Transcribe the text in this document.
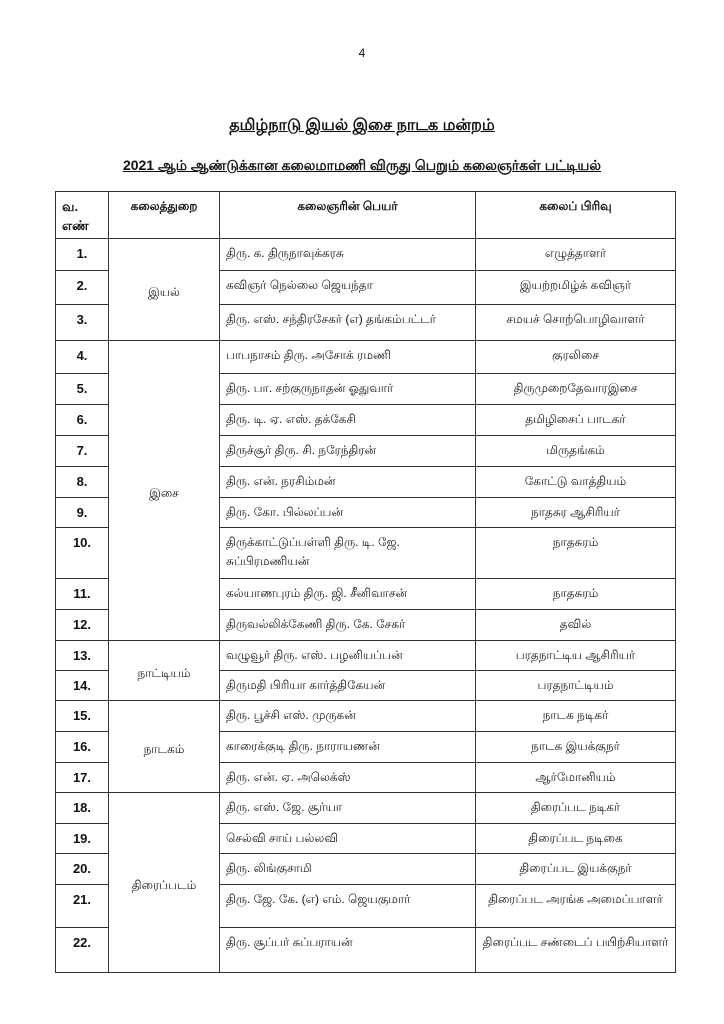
4
தமிழ்நாடு இயல் இசை நாடக மன்றம்
2021 ஆம் ஆண்டுக்கான கலைமாமணி விருது பெறும் கலைஞர்கள் பட்டியல்
வ. எண்	கலைத்துறை	கலைஞரின் பெயர்	கலைப் பிரிவு
1.	இயல்	திரு. க. திருநாவுக்கரசு	எழுத்தாளர்
2.		கவிஞர் நெல்லை ஜெயந்தா	இயற்றமிழ்க் கவிஞர்
3.		திரு. எஸ். சந்திரசேகர் (எ) தங்கம்பட்டர்	சமயச் சொற்பொழிவாளர்
4.	இசை	பாபநாசம் திரு. அசோக் ரமணி	குரலிசை
5.		திரு. பா. சற்குருநாதன் ஓதுவார்	திருமுறைதேவாரஇசை
6.		திரு. டி. ஏ. எஸ். தக்கேசி	தமிழிசைப் பாடகர்
7.		திருச்சூர் திரு. சி. நரேந்திரன்	மிருதங்கம்
8.		திரு. என். நரசிம்மன்	கோட்டு வாத்தியம்
9.		திரு. கோ. பில்லப்பன்	நாதசுர ஆசிரியர்
10.		திருக்காட்டுப்பள்ளி திரு. டி. ஜே. சுப்பிரமணியன்	நாதசுரம்
11.		கல்யாணபுரம் திரு. ஜி. சீனிவாசன்	நாதசுரம்
12.		திருவல்லிக்கேணி திரு. கே. சேகர்	தவில்
13.	நாட்டியம்	வழுவூர் திரு. எஸ். பழனியப்பன்	பரதநாட்டிய ஆசிரியர்
14.		திருமதி பிரியா கார்த்திகேயன்	பரதநாட்டியம்
15.	நாடகம்	திரு. பூச்சி எஸ். முருகன்	நாடக நடிகர்
16.		காரைக்குடி திரு. நாராயணன்	நாடக இயக்குநர்
17.		திரு. என். ஏ. அலெக்ஸ்	ஆர்மோனியம்
18.	திரைப்படம்	திரு. எஸ். ஜே. சூர்யா	திரைப்பட நடிகர்
19.		செல்வி சாய் பல்லவி	திரைப்பட நடிகை
20.		திரு. லிங்குசாமி	திரைப்பட இயக்குநர்
21.		திரு. ஜே. கே. (எ) எம். ஜெயகுமார்	திரைப்பட அரங்க அமைப்பாளர்
22.		திரு. சூப்பர் சுப்பராயன்	திரைப்பட சண்டைப் பயிற்சியாளர்
